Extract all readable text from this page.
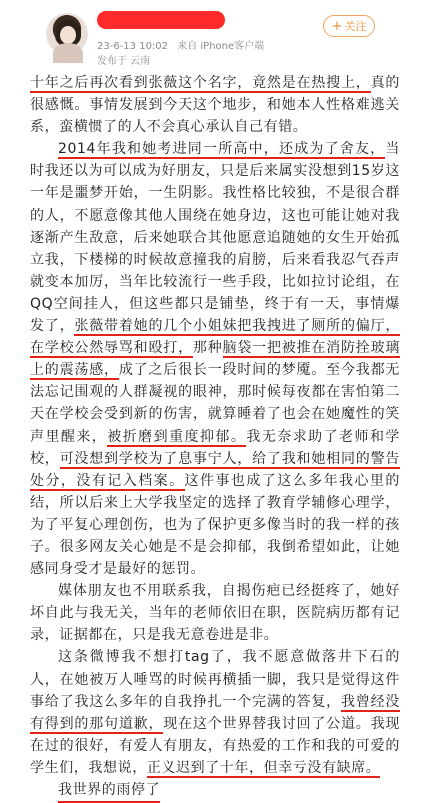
23-6-13 10:02 来自 iPhone客户端
发布于 云南
+ 关注

十年之后再次看到张薇这个名字，竟然是在热搜上，真的很感慨。事情发展到今天这个地步，和她本人性格难逃关系，蛮横惯了的人不会真心承认自己有错。

2014年我和她考进同一所高中，还成为了舍友，当时我还以为可以成为好朋友，只是后来属实没想到15岁这一年是噩梦开始，一生阴影。我性格比较独，不是很合群的人，不愿意像其他人围绕在她身边，这也可能让她对我逐渐产生敌意，后来她联合其他愿意追随她的女生开始孤立我，下楼梯的时候故意撞我的肩膀，后来看我忍气吞声就变本加厉，当年比较流行一些手段，比如拉讨论组，在QQ空间挂人，但这些都只是铺垫，终于有一天，事情爆发了，张薇带着她的几个小姐妹把我拽进了厕所的偏厅，在学校公然辱骂和殴打，那种脑袋一把被推在消防拴玻璃上的震荡感，成了之后很长一段时间的梦魇。至今我都无法忘记围观的人群凝视的眼神，那时候每夜都在害怕第二天在学校会受到新的伤害，就算睡着了也会在她魔性的笑声里醒来，被折磨到重度抑郁。我无奈求助了老师和学校，可没想到学校为了息事宁人，给了我和她相同的警告处分，没有记入档案。这件事也成了这么多年我心里的结，所以后来上大学我坚定的选择了教育学辅修心理学，为了平复心理创伤，也为了保护更多像当时的我一样的孩子。很多网友关心她是不是会抑郁，我倒希望如此，让她感同身受才是最好的惩罚。

媒体朋友也不用联系我，自揭伤疤已经挺疼了，她好坏自此与我无关，当年的老师依旧在职，医院病历都有记录，证据都在，只是我无意卷进是非。

这条微博我不想打tag了，我不愿意做落井下石的人，在她被万人唾骂的时候再横插一脚，我只是觉得这件事给了我这么多年的自我挣扎一个完满的答复，我曾经没有得到的那句道歉，现在这个世界替我讨回了公道。我现在过的很好，有爱人有朋友，有热爱的工作和我的可爱的学生们，我想说，正义迟到了十年，但幸亏没有缺席。

我世界的雨停了
